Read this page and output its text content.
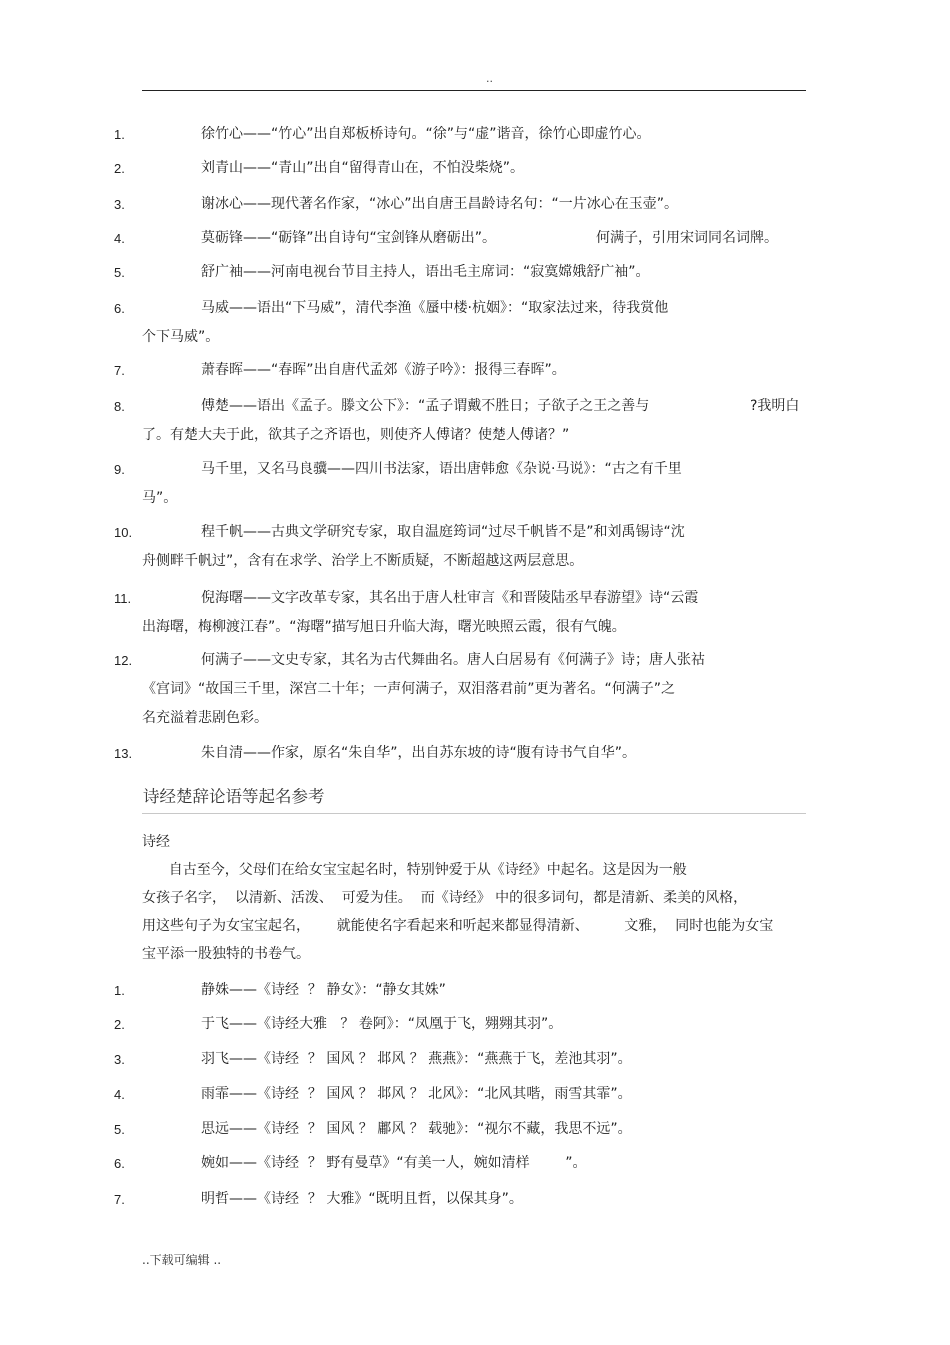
..
1.	徐竹心——“竹心”出自郑板桥诗句。“徐”与“虚”谐音，徐竹心即虚竹心。
2.	刘青山——“青山”出自“留得青山在，不怕没柴烧”。
3.	谢冰心——现代著名作家，“冰心”出自唐王昌龄诗名句：“一片冰心在玉壶”。
4.	莫砺锋——“砺锋”出自诗句“宝剑锋从磨砺出”。	何满子，引用宋词同名词牌。
5.	舒广袖——河南电视台节目主持人，语出毛主席词：“寂寞嫦娥舒广袖”。
6.	马威——语出“下马威”，清代李渔《蜃中楼·杭姻》：“取家法过来，待我赏他
个下马威”。
7.	萧春晖——“春晖”出自唐代孟郊《游子吟》：报得三春晖”。
8.	傅楚——语出《孟子。滕文公下》：“孟子谓戴不胜日；子欲子之王之善与	?我明白
了。有楚大夫于此，欲其子之齐语也，则使齐人傅诸？使楚人傅诸？”
9.	马千里，又名马良骥——四川书法家，语出唐韩愈《杂说·马说》：“古之有千里
马”。
10.	程千帆——古典文学研究专家，取自温庭筠词“过尽千帆皆不是”和刘禹锡诗“沈
舟侧畔千帆过”，含有在求学、治学上不断质疑，不断超越这两层意思。
11.	倪海曙——文字改革专家，其名出于唐人杜审言《和晋陵陆丞早春游望》诗“云霞
出海曙，梅柳渡江春”。“海曙”描写旭日升临大海，曙光映照云霞，很有气魄。
12.	何满子——文史专家，其名为古代舞曲名。唐人白居易有《何满子》诗；唐人张祜
《宫词》“故国三千里，深宫二十年；一声何满子，双泪落君前”更为著名。“何满子”之
名充溢着悲剧色彩。
13.	朱自清——作家，原名“朱自华”，出自苏东坡的诗“腹有诗书气自华”。
诗经楚辞论语等起名参考
诗经
自古至今，父母们在给女宝宝起名时，特别钟爱于从《诗经》中起名。这是因为一般
女孩子名字，  以清新、活泼、  可爱为佳。  而《诗经》 中的很多词句，都是清新、柔美的风格，
用这些句子为女宝宝起名，      就能使名字看起来和听起来都显得清新、        文雅，  同时也能为女宝
宝平添一股独特的书卷气。
1.	静姝——《诗经  ？ 静女》：“静女其姝”
2.	于飞——《诗经大雅   ？ 卷阿》：“凤凰于飞，翙翙其羽”。
3.	羽飞——《诗经  ？ 国风 ？ 邶风 ？ 燕燕》：“燕燕于飞，差池其羽”。
4.	雨霏——《诗经  ？ 国风 ？ 邶风 ？ 北风》：“北风其喈，雨雪其霏”。
5.	思远——《诗经  ？ 国风 ？ 鄘风 ？ 载驰》：“视尔不藏，我思不远”。
6.	婉如——《诗经  ？ 野有曼草》“有美一人，婉如清样        ”。
7.	明哲——《诗经  ？ 大雅》“既明且哲，以保其身”。
..下载可编辑 ..
